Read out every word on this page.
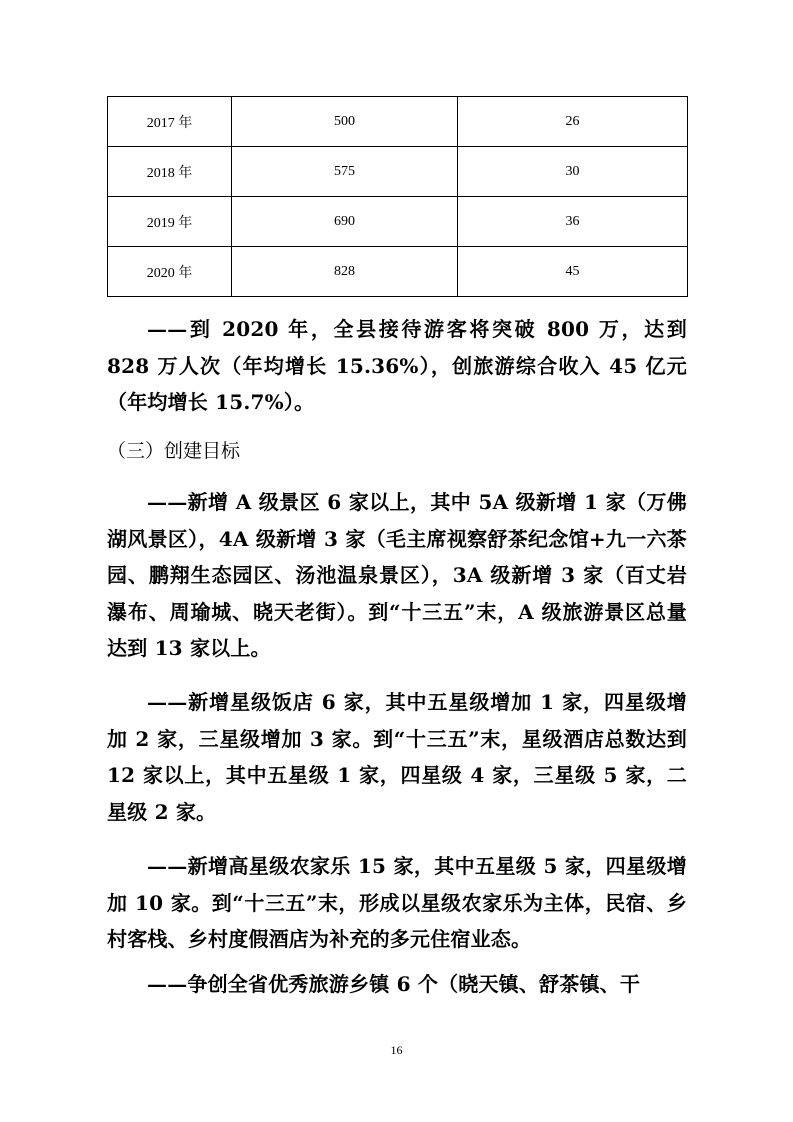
2017 年	500	26
2018 年	575	30
2019 年	690	36
2020 年	828	45

——到 2020 年，全县接待游客将突破 800 万，达到 828 万人次（年均增长 15.36%），创旅游综合收入 45 亿元（年均增长 15.7%）。

（三）创建目标

——新增 A 级景区 6 家以上，其中 5A 级新增 1 家（万佛湖风景区），4A 级新增 3 家（毛主席视察舒茶纪念馆+九一六茶园、鹏翔生态园区、汤池温泉景区），3A 级新增 3 家（百丈岩瀑布、周瑜城、晓天老街）。到“十三五”末，A 级旅游景区总量达到 13 家以上。

——新增星级饭店 6 家，其中五星级增加 1 家，四星级增加 2 家，三星级增加 3 家。到“十三五”末，星级酒店总数达到 12 家以上，其中五星级 1 家，四星级 4 家，三星级 5 家，二星级 2 家。

——新增高星级农家乐 15 家，其中五星级 5 家，四星级增加 10 家。到“十三五”末，形成以星级农家乐为主体，民宿、乡村客栈、乡村度假酒店为补充的多元住宿业态。

——争创全省优秀旅游乡镇 6 个（晓天镇、舒茶镇、干

16
